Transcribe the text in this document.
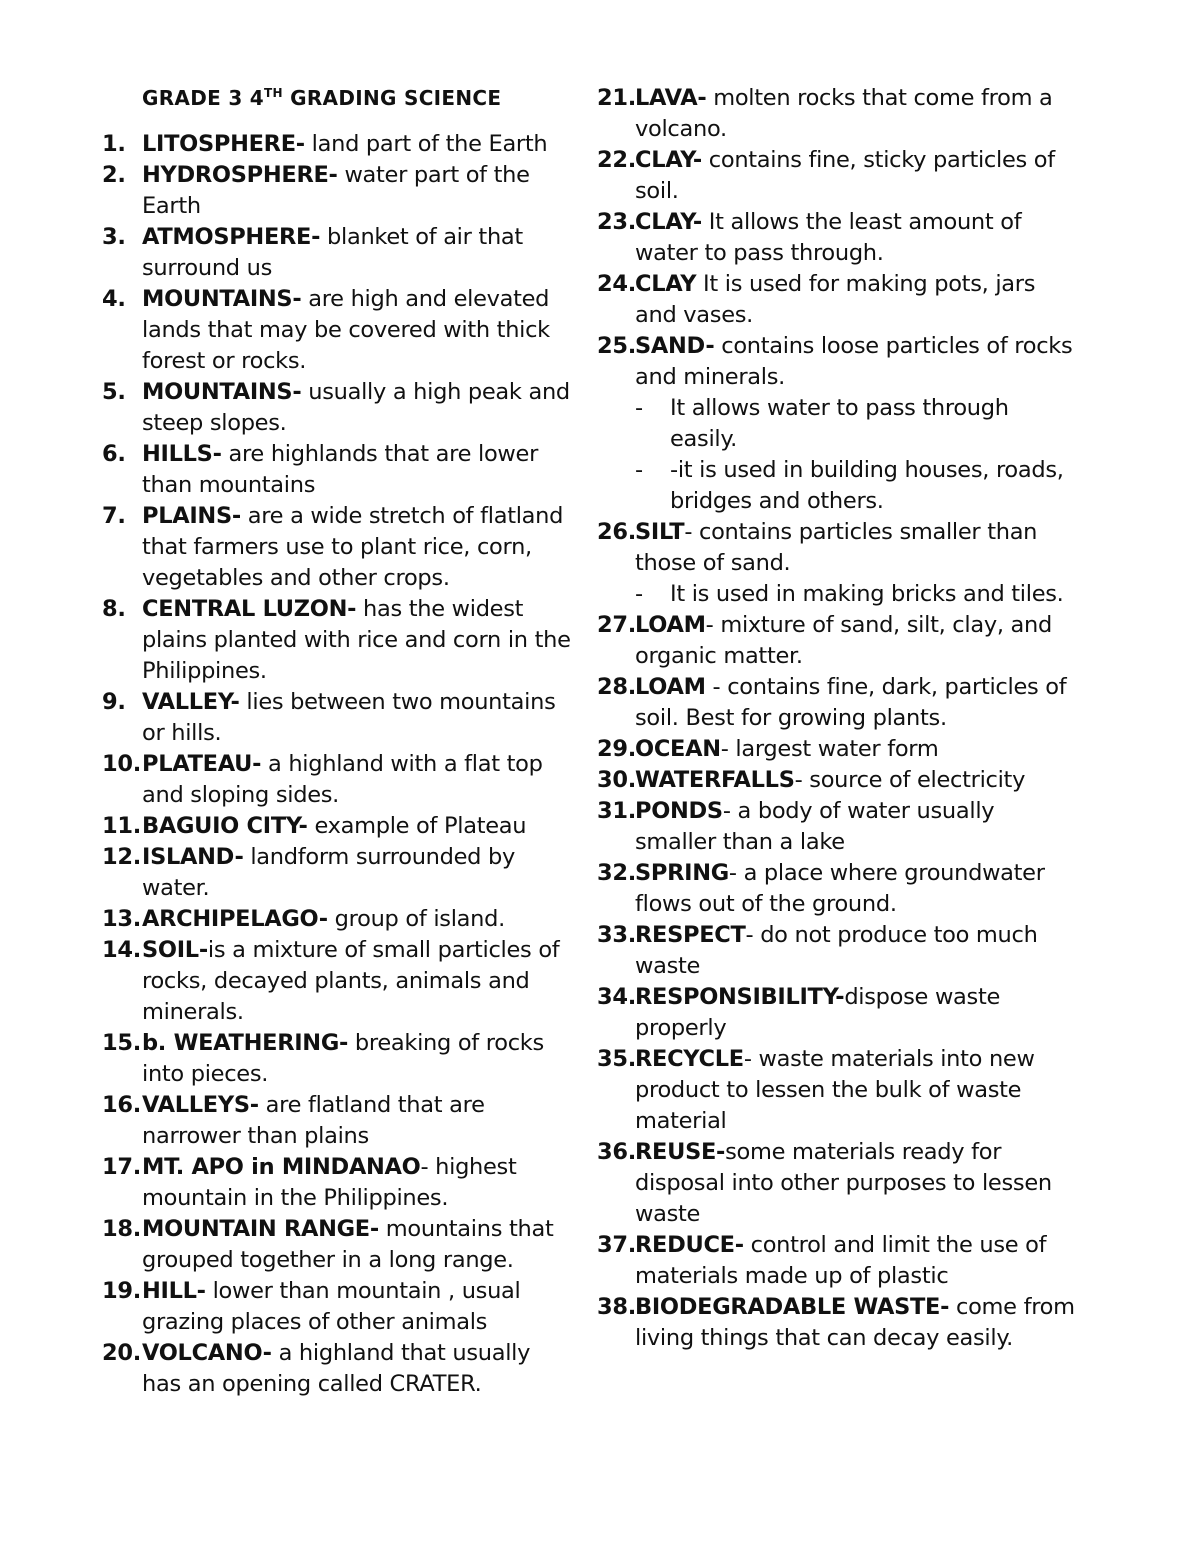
GRADE 3 4TH GRADING SCIENCE
1. LITOSPHERE- land part of the Earth
2. HYDROSPHERE- water part of the Earth
3. ATMOSPHERE- blanket of air that surround us
4. MOUNTAINS- are high and elevated lands that may be covered with thick forest or rocks.
5. MOUNTAINS- usually a high peak and steep slopes.
6. HILLS- are highlands that are lower than mountains
7. PLAINS- are a wide stretch of flatland that farmers use to plant rice, corn, vegetables and other crops.
8. CENTRAL LUZON- has the widest plains planted with rice and corn in the Philippines.
9. VALLEY- lies between two mountains or hills.
10. PLATEAU- a highland with a flat top and sloping sides.
11. BAGUIO CITY- example of Plateau
12. ISLAND- landform surrounded by water.
13. ARCHIPELAGO- group of island.
14. SOIL-is a mixture of small particles of rocks, decayed plants, animals and minerals.
15. b. WEATHERING- breaking of rocks into pieces.
16. VALLEYS- are flatland that are narrower than plains
17. MT. APO in MINDANAO- highest mountain in the Philippines.
18. MOUNTAIN RANGE- mountains that grouped together in a long range.
19. HILL- lower than mountain , usual grazing places of other animals
20. VOLCANO- a highland that usually has an opening called CRATER.
21. LAVA- molten rocks that come from a volcano.
22. CLAY- contains fine, sticky particles of soil.
23. CLAY- It allows the least amount of water to pass through.
24. CLAY It is used for making pots, jars and vases.
25. SAND- contains loose particles of rocks and minerals.
-	It allows water to pass through easily.
-	-it is used in building houses, roads, bridges and others.
26. SILT- contains particles smaller than those of sand.
-	It is used in making bricks and tiles.
27. LOAM- mixture of sand, silt, clay, and organic matter.
28. LOAM - contains fine, dark, particles of soil. Best for growing plants.
29. OCEAN- largest water form
30. WATERFALLS- source of electricity
31. PONDS- a body of water usually smaller than a lake
32. SPRING- a place where groundwater flows out of the ground.
33. RESPECT- do not produce too much waste
34. RESPONSIBILITY-dispose waste properly
35. RECYCLE- waste materials into new product to lessen the bulk of waste material
36. REUSE-some materials ready for disposal into other purposes to lessen waste
37. REDUCE- control and limit the use of materials made up of plastic
38. BIODEGRADABLE WASTE- come from living things that can decay easily.
